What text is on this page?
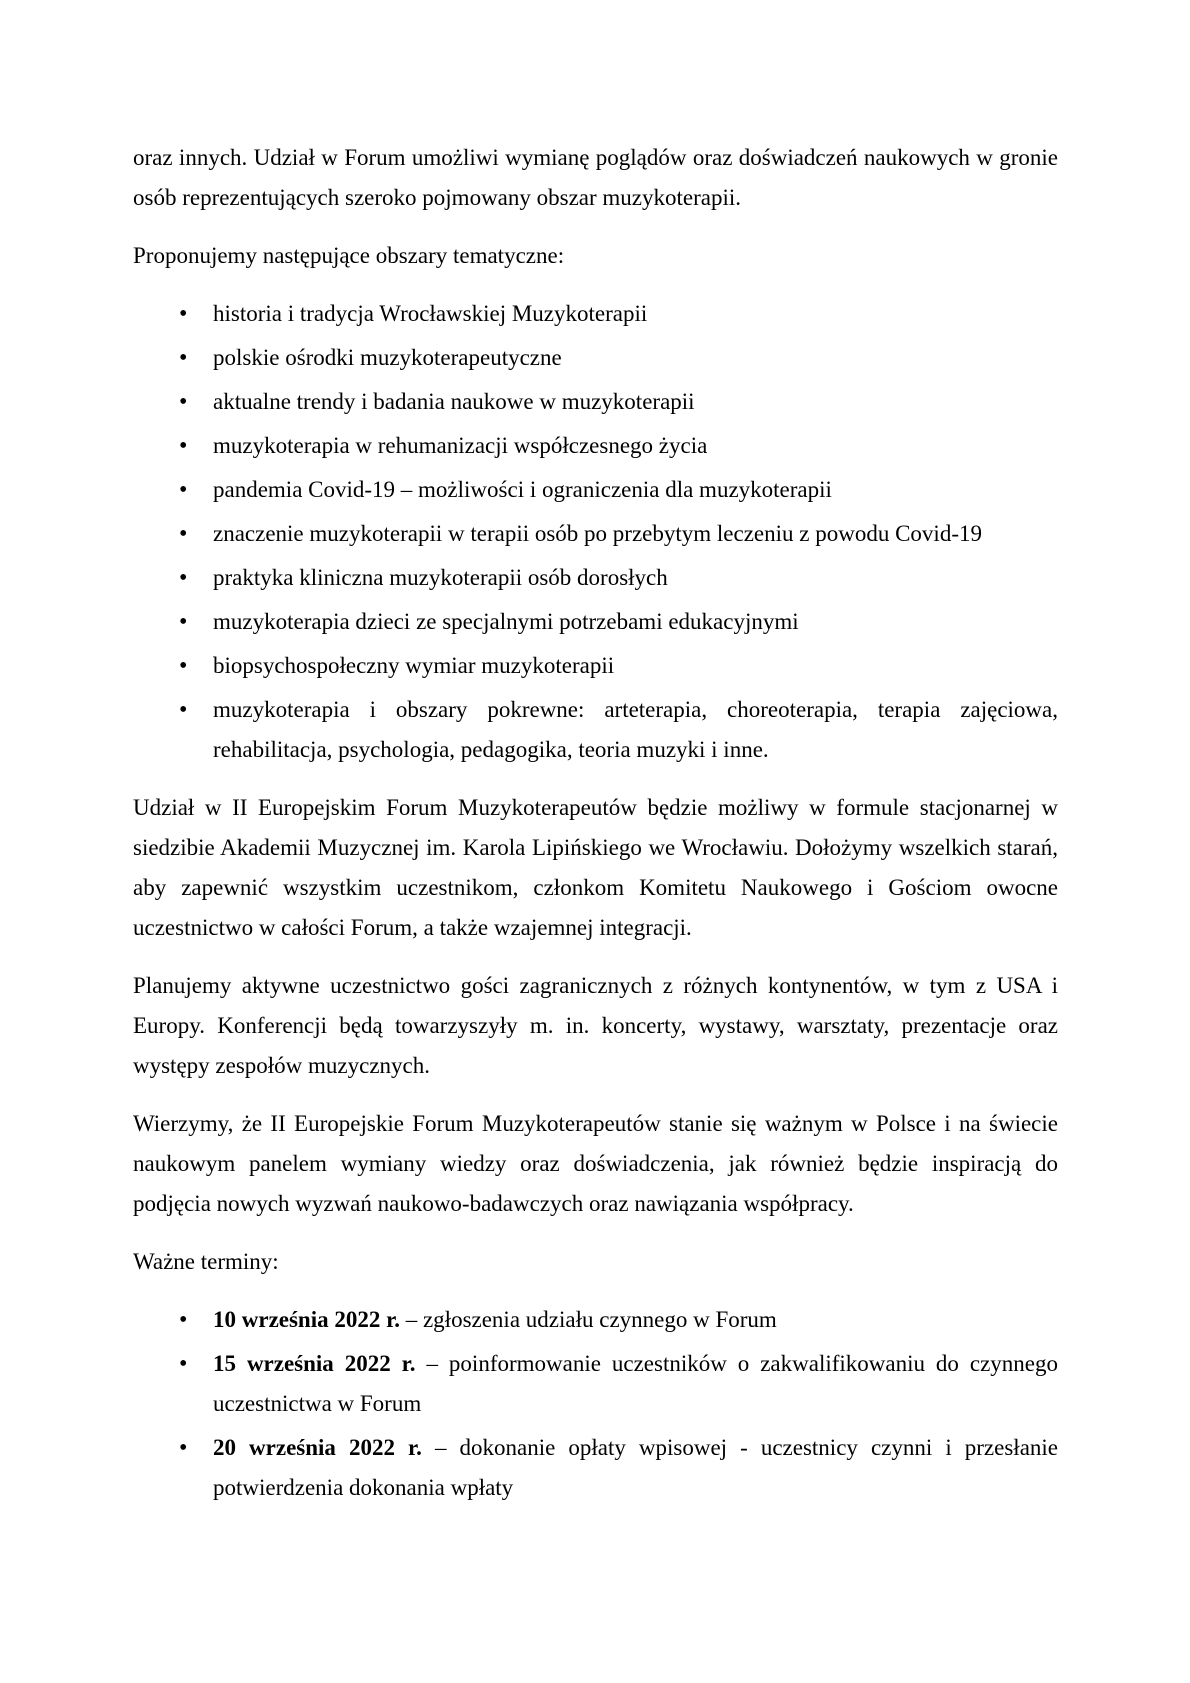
oraz innych. Udział w Forum umożliwi wymianę poglądów oraz doświadczeń naukowych w gronie osób reprezentujących szeroko pojmowany obszar muzykoterapii.

Proponujemy następujące obszary tematyczne:

• historia i tradycja Wrocławskiej Muzykoterapii
• polskie ośrodki muzykoterapeutyczne
• aktualne trendy i badania naukowe w muzykoterapii
• muzykoterapia w rehumanizacji współczesnego życia
• pandemia Covid-19 – możliwości i ograniczenia dla muzykoterapii
• znaczenie muzykoterapii w terapii osób po przebytym leczeniu z powodu Covid-19
• praktyka kliniczna muzykoterapii osób dorosłych
• muzykoterapia dzieci ze specjalnymi potrzebami edukacyjnymi
• biopsychospołeczny wymiar muzykoterapii
• muzykoterapia i obszary pokrewne: arteterapia, choreoterapia, terapia zajęciowa, rehabilitacja, psychologia, pedagogika, teoria muzyki i inne.

Udział w II Europejskim Forum Muzykoterapeutów będzie możliwy w formule stacjonarnej w siedzibie Akademii Muzycznej im. Karola Lipińskiego we Wrocławiu. Dołożymy wszelkich starań, aby zapewnić wszystkim uczestnikom, członkom Komitetu Naukowego i Gościom owocne uczestnictwo w całości Forum, a także wzajemnej integracji.

Planujemy aktywne uczestnictwo gości zagranicznych z różnych kontynentów, w tym z USA i Europy. Konferencji będą towarzyszyły m. in. koncerty, wystawy, warsztaty, prezentacje oraz występy zespołów muzycznych.

Wierzymy, że II Europejskie Forum Muzykoterapeutów stanie się ważnym w Polsce i na świecie naukowym panelem wymiany wiedzy oraz doświadczenia, jak również będzie inspiracją do podjęcia nowych wyzwań naukowo-badawczych oraz nawiązania współpracy.

Ważne terminy:

• 10 września 2022 r. – zgłoszenia udziału czynnego w Forum
• 15 września 2022 r. – poinformowanie uczestników o zakwalifikowaniu do czynnego uczestnictwa w Forum
• 20 września 2022 r. – dokonanie opłaty wpisowej - uczestnicy czynni i przesłanie potwierdzenia dokonania wpłaty
